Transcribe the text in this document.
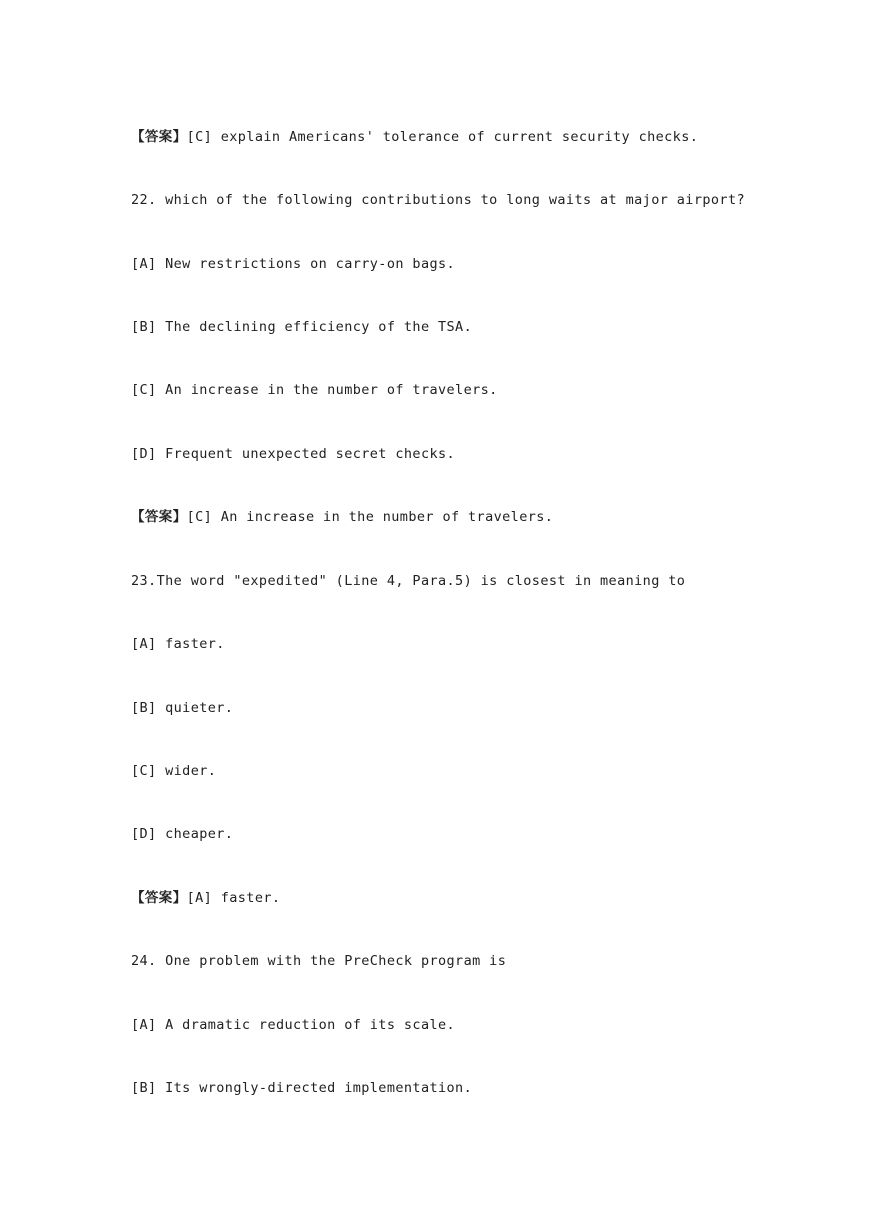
【答案】[C] explain Americans' tolerance of current security checks.
22. which of the following contributions to long waits at major airport?
[A] New restrictions on carry-on bags.
[B] The declining efficiency of the TSA.
[C] An increase in the number of travelers.
[D] Frequent unexpected secret checks.
【答案】[C] An increase in the number of travelers.
23.The word "expedited" (Line 4, Para.5) is closest in meaning to
[A] faster.
[B] quieter.
[C] wider.
[D] cheaper.
【答案】[A] faster.
24. One problem with the PreCheck program is
[A] A dramatic reduction of its scale.
[B] Its wrongly-directed implementation.
